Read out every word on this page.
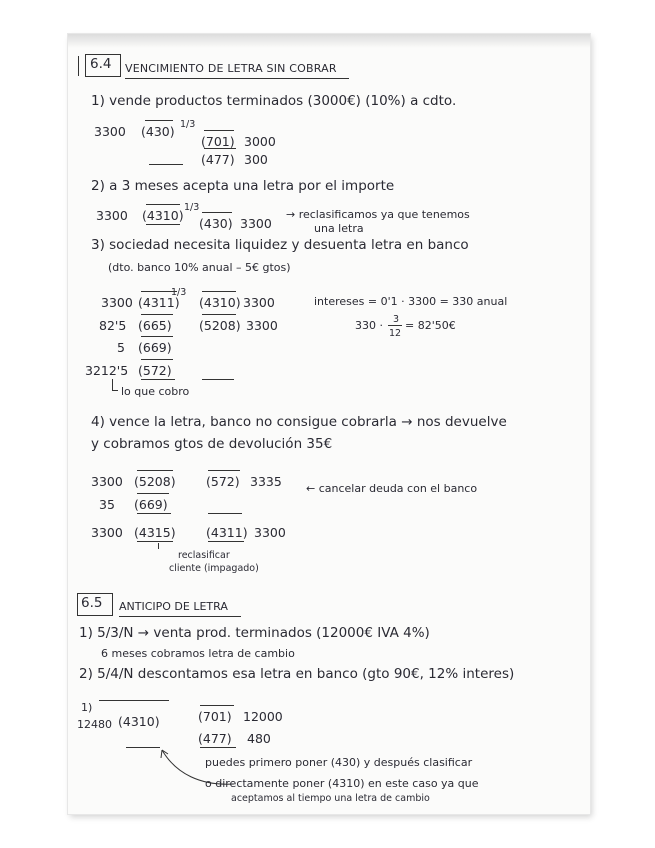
6.4 VENCIMIENTO DE LETRA SIN COBRAR
1) vende productos terminados (3000€) (10%) a cdto.
3300 (430) 1/3
(701) 3000
(477) 300
2) a 3 meses acepta una letra por el importe
3300 (4310)
1/3
(430) 3300
→ reclasificamos ya que tenemos
una letra
3) sociedad necesita liquidez y desuenta letra en banco
(dto. banco 10% anual – 5€ gtos)
1/3
3300 (4311)
82'5 (665)
5 (669)
3212'5 (572)
lo que cobro
(4310) 3300
(5208) 3300
intereses = 0'1 · 3300 = 330 anual
330 · 3
12
= 82'50€
4) vence la letra, banco no consigue cobrarla → nos devuelve
y cobramos gtos de devolución 35€
3300 (5208) (572) 3335 ← cancelar deuda con el banco
35 (669)
3300 (4315) (4311) 3300
reclasificar
cliente (impagado)
6.5 ANTICIPO DE LETRA
1) 5/3/N → venta prod. terminados (12000€ IVA 4%)
6 meses cobramos letra de cambio
2) 5/4/N descontamos esa letra en banco (gto 90€, 12% interes)
1)
12480 (4310)	(701) 12000
(477) 480
puedes primero poner (430) y después clasificar
o directamente poner (4310) en este caso ya que
aceptamos al tiempo una letra de cambio
